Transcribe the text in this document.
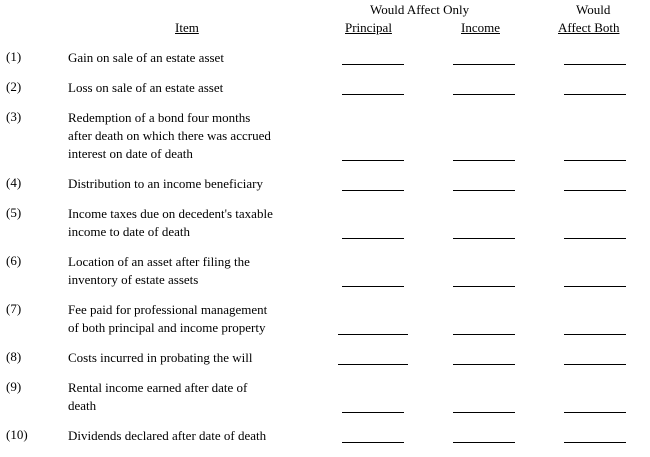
Would Affect Only	Would
Item	Principal	Income	Affect Both
(1)	Gain on sale of an estate asset
(2)	Loss on sale of an estate asset
(3)	Redemption of a bond four months
after death on which there was accrued
interest on date of death
(4)	Distribution to an income beneficiary
(5)	Income taxes due on decedent's taxable
income to date of death
(6)	Location of an asset after filing the
inventory of estate assets
(7)	Fee paid for professional management
of both principal and income property
(8)	Costs incurred in probating the will
(9)	Rental income earned after date of
death
(10)	Dividends declared after date of death
